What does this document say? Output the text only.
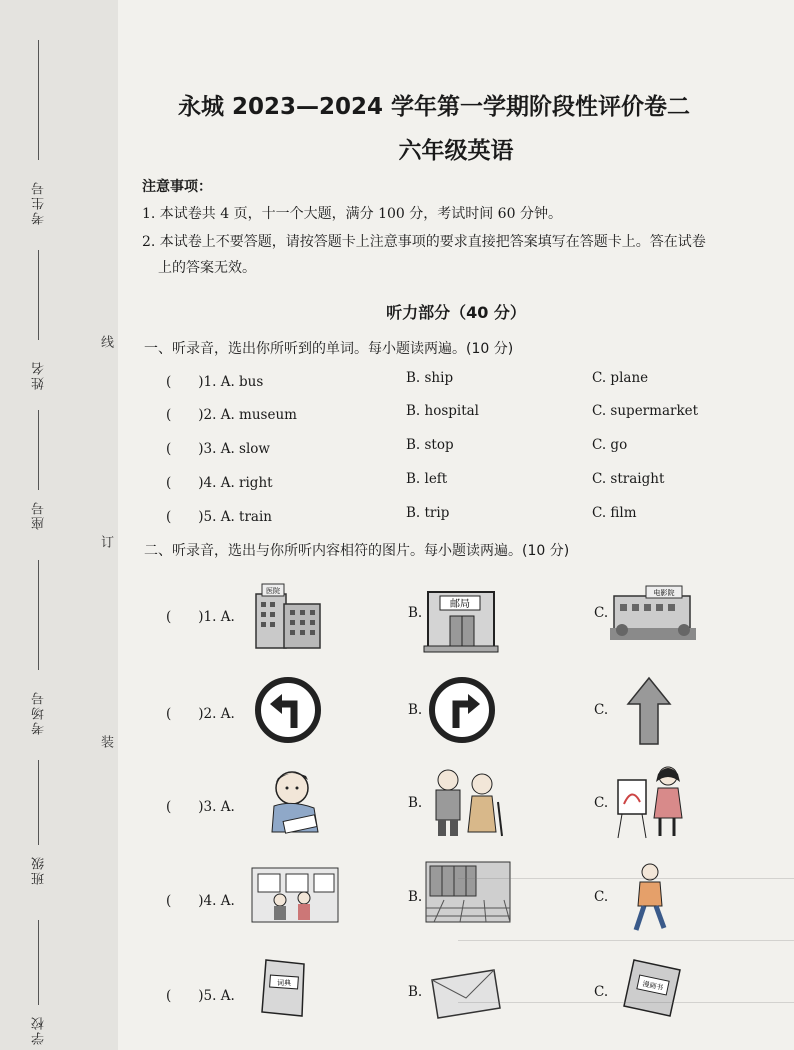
考生号
姓名
座号
考场号
班级
学校
线
订
装
永城 2023—2024 学年第一学期阶段性评价卷二
六年级英语
注意事项：
1. 本试卷共 4 页，十一个大题，满分 100 分，考试时间 60 分钟。
2. 本试卷上不要答题，请按答题卡上注意事项的要求直接把答案填写在答题卡上。答在试卷
上的答案无效。
听力部分（40 分）
一、听录音，选出你所听到的单词。每小题读两遍。(10 分)
(　　)1. A. bus	B. ship	C. plane
(　　)2. A. museum	B. hospital	C. supermarket
(　　)3. A. slow	B. stop	C. go
(　　)4. A. right	B. left	C. straight
(　　)5. A. train	B. trip	C. film
二、听录音，选出与你所听内容相符的图片。每小题读两遍。(10 分)
(　　)1. A.	B.	C.
(　　)2. A.	B.	C.
(　　)3. A.	B.	C.
(　　)4. A.	B.	C.
(　　)5. A.	B.	C.
医院
邮局
电影院
词典	漫画书
